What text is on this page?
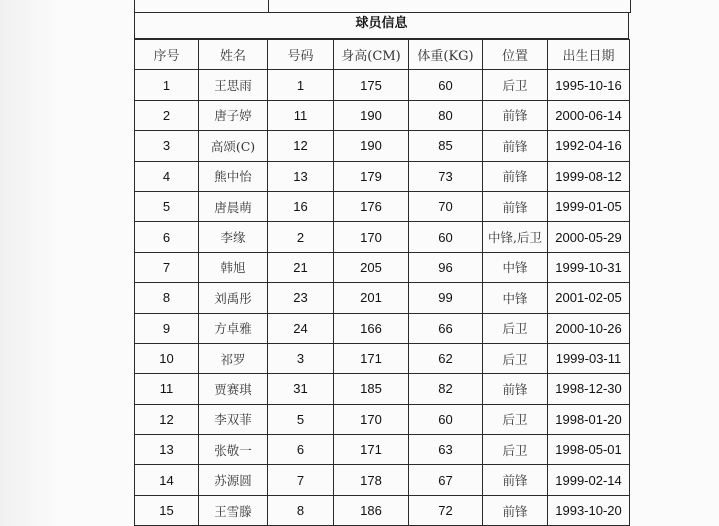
球员信息
序号	姓名	号码	身高(CM)	体重(KG)	位置	出生日期
1	王思雨	1	175	60	后卫	1995-10-16
2	唐子婷	11	190	80	前锋	2000-06-14
3	高颂(C)	12	190	85	前锋	1992-04-16
4	熊中怡	13	179	73	前锋	1999-08-12
5	唐晨萌	16	176	70	前锋	1999-01-05
6	李缘	2	170	60	中锋,后卫	2000-05-29
7	韩旭	21	205	96	中锋	1999-10-31
8	刘禹彤	23	201	99	中锋	2001-02-05
9	方卓雅	24	166	66	后卫	2000-10-26
10	祁罗	3	171	62	后卫	1999-03-11
11	贾赛琪	31	185	82	前锋	1998-12-30
12	李双菲	5	170	60	后卫	1998-01-20
13	张敬一	6	171	63	后卫	1998-05-01
14	苏源圆	7	178	67	前锋	1999-02-14
15	王雪滕	8	186	72	前锋	1993-10-20
